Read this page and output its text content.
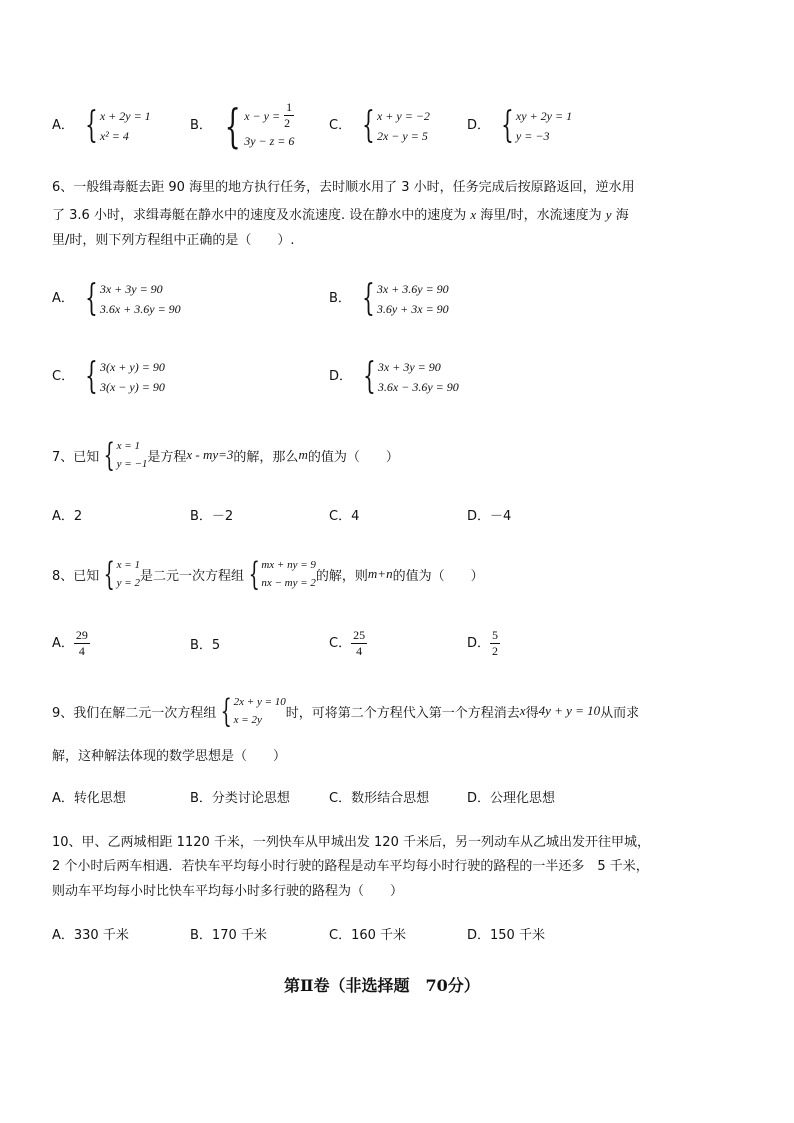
A． { x + 2y = 1
x² = 4
B． { $x - y = \frac{1}{2}$
3y − z = 6
C． { x + y = −2
2x − y = 5
D． { xy + 2y = 1
y = −3
6、一般缉毒艇去距 90 海里的地方执行任务，去时顺水用了 3 小时，任务完成后按原路返回，逆水用
了 3.6 小时，求缉毒艇在静水中的速度及水流速度. 设在静水中的速度为 x 海里/时，水流速度为 y 海
里/时，则下列方程组中正确的是（　　）.
A． { 3x + 3y = 90
3.6x + 3.6y = 90
B． { 3x + 3.6y = 90
3.6y + 3x = 90
C． { 3(x + y) = 90
3(x − y) = 90
D． { 3x + 3y = 90
3.6x − 3.6y = 90
7、已知 { x = 1
y = −1 是方程 x - my=3 的解，那么 m 的值为（　　）
A．2	B．－2	C．4	D．－4
8、已知 { x = 1
y = 2 是二元一次方程组 { mx + ny = 9
nx − my = 2 的解，则 m+n 的值为（　　）
A． $\frac{29}{4}$	B．5	C． $\frac{25}{4}$	D． $\frac{5}{2}$
9、我们在解二元一次方程组 { 2x + y = 10
x = 2y	时，可将第二个方程代入第一个方程消去 x 得 4y + y = 10 从而求
解，这种解法体现的数学思想是（　　）
A．转化思想	B．分类讨论思想	C．数形结合思想	D．公理化思想
10、甲、乙两城相距 1120 千米，一列快车从甲城出发 120 千米后，另一列动车从乙城出发开往甲城，
2 个小时后两车相遇．若快车平均每小时行驶的路程是动车平均每小时行驶的路程的一半还多　5 千米，
则动车平均每小时比快车平均每小时多行驶的路程为（　　）
A．330 千米	B．170 千米	C．160 千米	D．150 千米
第Ⅱ卷（非选择题　70分）
